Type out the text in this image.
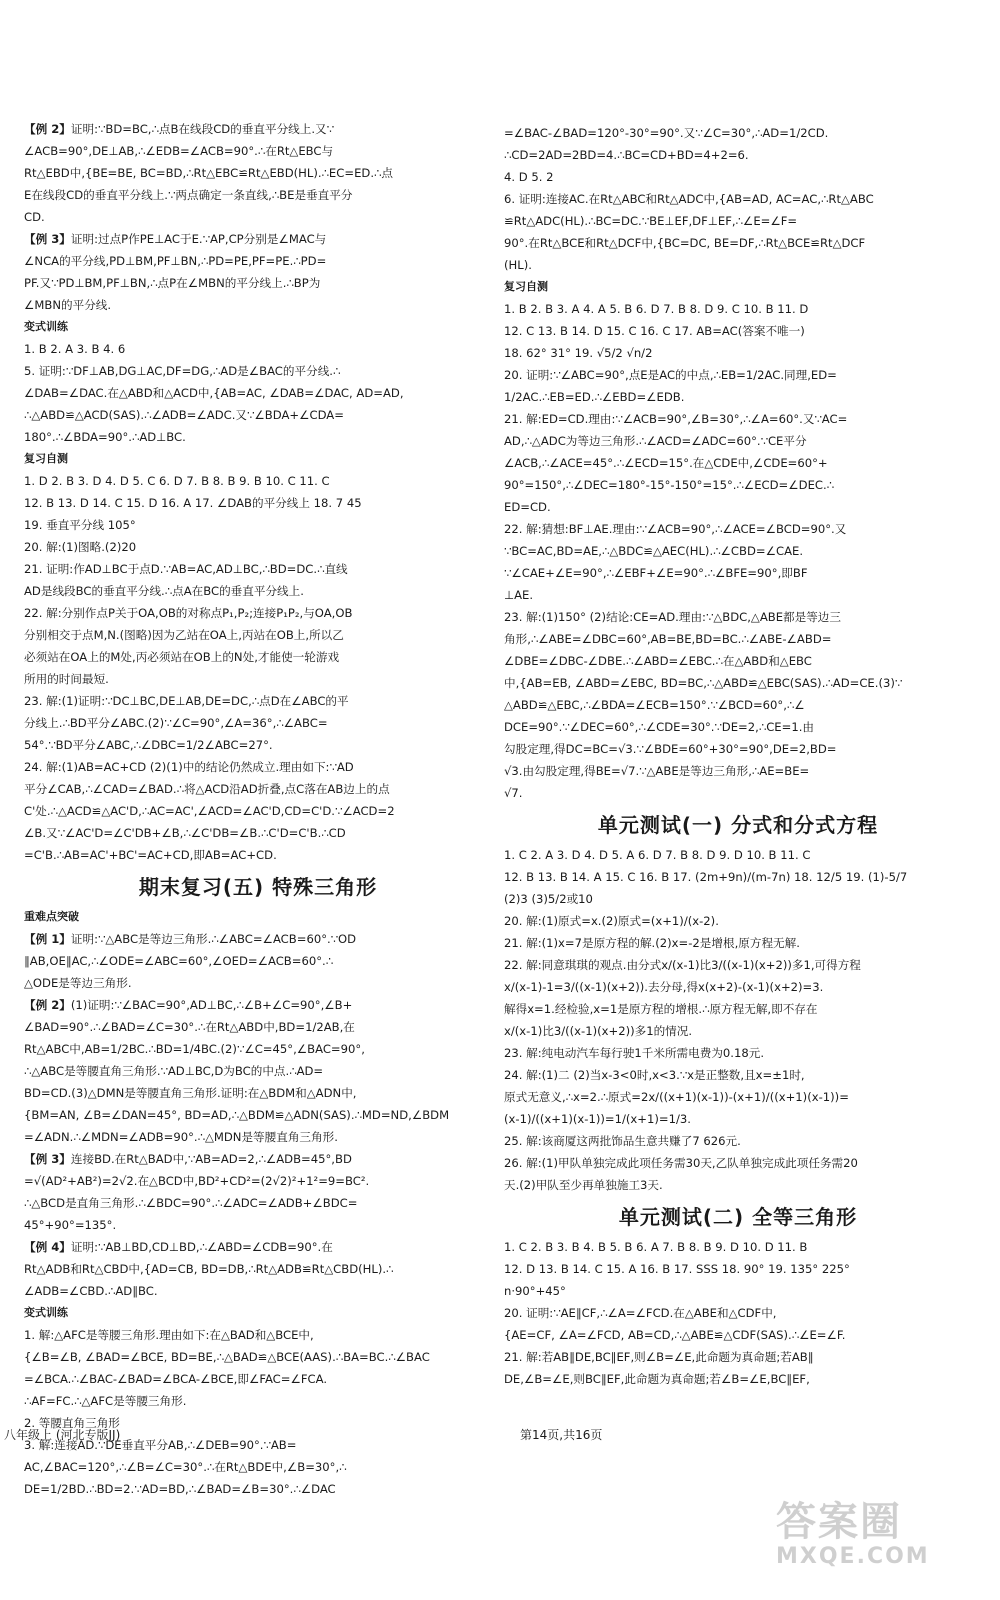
【例 2】证明:∵BD=BC,∴点B在线段CD的垂直平分线上.又∵
∠ACB=90°,DE⊥AB,∴∠EDB=∠ACB=90°.∴在Rt△EBC与
Rt△EBD中,{BE=BE, BC=BD,∴Rt△EBC≌Rt△EBD(HL).∴EC=ED.∴点
E在线段CD的垂直平分线上.∵两点确定一条直线,∴BE是垂直平分
CD.
【例 3】证明:过点P作PE⊥AC于E.∵AP,CP分别是∠MAC与
∠NCA的平分线,PD⊥BM,PF⊥BN,∴PD=PE,PF=PE.∴PD=
PF.又∵PD⊥BM,PF⊥BN,∴点P在∠MBN的平分线上.∴BP为
∠MBN的平分线.
变式训练
1. B 2. A 3. B 4. 6
5. 证明:∵DF⊥AB,DG⊥AC,DF=DG,∴AD是∠BAC的平分线.∴
∠DAB=∠DAC.在△ABD和△ACD中,{AB=AC, ∠DAB=∠DAC, AD=AD,
∴△ABD≌△ACD(SAS).∴∠ADB=∠ADC.又∵∠BDA+∠CDA=
180°.∴∠BDA=90°.∴AD⊥BC.
复习自测
1. D 2. B 3. D 4. D 5. C 6. D 7. B 8. B 9. B 10. C 11. C
12. B 13. D 14. C 15. D 16. A 17. ∠DAB的平分线上 18. 7 45
19. 垂直平分线 105°
20. 解:(1)图略.(2)20
21. 证明:作AD⊥BC于点D.∵AB=AC,AD⊥BC,∴BD=DC.∴直线
AD是线段BC的垂直平分线.∴点A在BC的垂直平分线上.
22. 解:分别作点P关于OA,OB的对称点P₁,P₂;连接P₁P₂,与OA,OB
分别相交于点M,N.(图略)因为乙站在OA上,丙站在OB上,所以乙
必须站在OA上的M处,丙必须站在OB上的N处,才能使一轮游戏
所用的时间最短.
23. 解:(1)证明:∵DC⊥BC,DE⊥AB,DE=DC,∴点D在∠ABC的平
分线上.∴BD平分∠ABC.(2)∵∠C=90°,∠A=36°,∴∠ABC=
54°.∵BD平分∠ABC,∴∠DBC=1/2∠ABC=27°.
24. 解:(1)AB=AC+CD (2)(1)中的结论仍然成立.理由如下:∵AD
平分∠CAB,∴∠CAD=∠BAD.∴将△ACD沿AD折叠,点C落在AB边上的点
C'处.∴△ACD≌△AC'D,∴AC=AC',∠ACD=∠AC'D,CD=C'D.∵∠ACD=2
∠B.又∵∠AC'D=∠C'DB+∠B,∴∠C'DB=∠B.∴C'D=C'B.∴CD
=C'B.∴AB=AC'+BC'=AC+CD,即AB=AC+CD.
期末复习(五) 特殊三角形
重难点突破
【例 1】证明:∵△ABC是等边三角形.∴∠ABC=∠ACB=60°.∵OD
∥AB,OE∥AC,∴∠ODE=∠ABC=60°,∠OED=∠ACB=60°.∴
△ODE是等边三角形.
【例 2】(1)证明:∵∠BAC=90°,AD⊥BC,∴∠B+∠C=90°,∠B+
∠BAD=90°.∴∠BAD=∠C=30°.∴在Rt△ABD中,BD=1/2AB,在
Rt△ABC中,AB=1/2BC.∴BD=1/4BC.(2)∵∠C=45°,∠BAC=90°,
∴△ABC是等腰直角三角形.∵AD⊥BC,D为BC的中点.∴AD=
BD=CD.(3)△DMN是等腰直角三角形.证明:在△BDM和△ADN中,
{BM=AN, ∠B=∠DAN=45°, BD=AD,∴△BDM≌△ADN(SAS).∴MD=ND,∠BDM
=∠ADN.∴∠MDN=∠ADB=90°.∴△MDN是等腰直角三角形.
【例 3】连接BD.在Rt△BAD中,∵AB=AD=2,∴∠ADB=45°,BD
=√(AD²+AB²)=2√2.在△BCD中,BD²+CD²=(2√2)²+1²=9=BC².
∴△BCD是直角三角形.∴∠BDC=90°.∴∠ADC=∠ADB+∠BDC=
45°+90°=135°.
【例 4】证明:∵AB⊥BD,CD⊥BD,∴∠ABD=∠CDB=90°.在
Rt△ADB和Rt△CBD中,{AD=CB, BD=DB,∴Rt△ADB≌Rt△CBD(HL).∴
∠ADB=∠CBD.∴AD∥BC.
变式训练
1. 解:△AFC是等腰三角形.理由如下:在△BAD和△BCE中,
{∠B=∠B, ∠BAD=∠BCE, BD=BE,∴△BAD≌△BCE(AAS).∴BA=BC.∴∠BAC
=∠BCA.∴∠BAC-∠BAD=∠BCA-∠BCE,即∠FAC=∠FCA.
∴AF=FC.∴△AFC是等腰三角形.
2. 等腰直角三角形
3. 解:连接AD.∵DE垂直平分AB,∴∠DEB=90°.∵AB=
AC,∠BAC=120°,∴∠B=∠C=30°.∴在Rt△BDE中,∠B=30°,∴
DE=1/2BD.∴BD=2.∵AD=BD,∴∠BAD=∠B=30°.∴∠DAC
=∠BAC-∠BAD=120°-30°=90°.又∵∠C=30°,∴AD=1/2CD.
∴CD=2AD=2BD=4.∴BC=CD+BD=4+2=6.
4. D 5. 2
6. 证明:连接AC.在Rt△ABC和Rt△ADC中,{AB=AD, AC=AC,∴Rt△ABC
≌Rt△ADC(HL).∴BC=DC.∵BE⊥EF,DF⊥EF,∴∠E=∠F=
90°.在Rt△BCE和Rt△DCF中,{BC=DC, BE=DF,∴Rt△BCE≌Rt△DCF
(HL).
复习自测
1. B 2. B 3. A 4. A 5. B 6. D 7. B 8. D 9. C 10. B 11. D
12. C 13. B 14. D 15. C 16. C 17. AB=AC(答案不唯一)
18. 62° 31° 19. √5/2 √n/2
20. 证明:∵∠ABC=90°,点E是AC的中点,∴EB=1/2AC.同理,ED=
1/2AC.∴EB=ED.∴∠EBD=∠EDB.
21. 解:ED=CD.理由:∵∠ACB=90°,∠B=30°,∴∠A=60°.又∵AC=
AD,∴△ADC为等边三角形.∴∠ACD=∠ADC=60°.∵CE平分
∠ACB,∴∠ACE=45°.∴∠ECD=15°.在△CDE中,∠CDE=60°+
90°=150°,∴∠DEC=180°-15°-150°=15°.∴∠ECD=∠DEC.∴
ED=CD.
22. 解:猜想:BF⊥AE.理由:∵∠ACB=90°,∴∠ACE=∠BCD=90°.又
∵BC=AC,BD=AE,∴△BDC≌△AEC(HL).∴∠CBD=∠CAE.
∵∠CAE+∠E=90°,∴∠EBF+∠E=90°.∴∠BFE=90°,即BF
⊥AE.
23. 解:(1)150° (2)结论:CE=AD.理由:∵△BDC,△ABE都是等边三
角形,∴∠ABE=∠DBC=60°,AB=BE,BD=BC.∴∠ABE-∠ABD=
∠DBE=∠DBC-∠DBE.∴∠ABD=∠EBC.∴在△ABD和△EBC
中,{AB=EB, ∠ABD=∠EBC, BD=BC,∴△ABD≌△EBC(SAS).∴AD=CE.(3)∵
△ABD≌△EBC,∴∠BDA=∠ECB=150°.∵∠BCD=60°,∴∠
DCE=90°.∵∠DEC=60°,∴∠CDE=30°.∵DE=2,∴CE=1.由
勾股定理,得DC=BC=√3.∵∠BDE=60°+30°=90°,DE=2,BD=
√3.由勾股定理,得BE=√7.∵△ABE是等边三角形,∴AE=BE=
√7.
单元测试(一) 分式和分式方程
1. C 2. A 3. D 4. D 5. A 6. D 7. B 8. D 9. D 10. B 11. C
12. B 13. B 14. A 15. C 16. B 17. (2m+9n)/(m-7n) 18. 12/5 19. (1)-5/7
(2)3 (3)5/2或10
20. 解:(1)原式=x.(2)原式=(x+1)/(x-2).
21. 解:(1)x=7是原方程的解.(2)x=-2是增根,原方程无解.
22. 解:同意琪琪的观点.由分式x/(x-1)比3/((x-1)(x+2))多1,可得方程
x/(x-1)-1=3/((x-1)(x+2)).去分母,得x(x+2)-(x-1)(x+2)=3.
解得x=1.经检验,x=1是原方程的增根.∴原方程无解,即不存在
x/(x-1)比3/((x-1)(x+2))多1的情况.
23. 解:纯电动汽车每行驶1千米所需电费为0.18元.
24. 解:(1)二 (2)当x-3<0时,x<3.∵x是正整数,且x=±1时,
原式无意义,∴x=2.∴原式=2x/((x+1)(x-1))-(x+1)/((x+1)(x-1))=
(x-1)/((x+1)(x-1))=1/(x+1)=1/3.
25. 解:该商厦这两批饰品生意共赚了7 626元.
26. 解:(1)甲队单独完成此项任务需30天,乙队单独完成此项任务需20
天.(2)甲队至少再单独施工3天.
单元测试(二) 全等三角形
1. C 2. B 3. B 4. B 5. B 6. A 7. B 8. B 9. D 10. D 11. B
12. D 13. B 14. C 15. A 16. B 17. SSS 18. 90° 19. 135° 225°
n·90°+45°
20. 证明:∵AE∥CF,∴∠A=∠FCD.在△ABE和△CDF中,
{AE=CF, ∠A=∠FCD, AB=CD,∴△ABE≌△CDF(SAS).∴∠E=∠F.
21. 解:若AB∥DE,BC∥EF,则∠B=∠E,此命题为真命题;若AB∥
DE,∠B=∠E,则BC∥EF,此命题为真命题;若∠B=∠E,BC∥EF,
八年级上 (河北专版JJ)	第14页,共16页
答案圈
MXQE.COM
